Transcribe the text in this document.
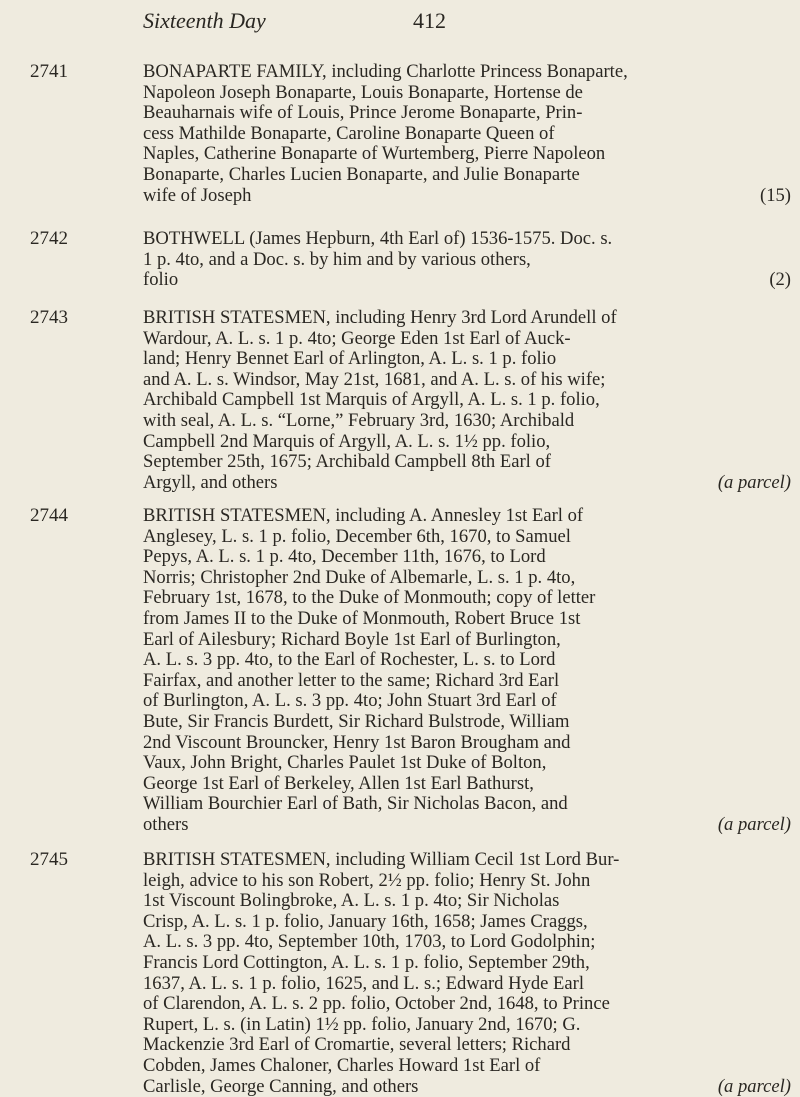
Sixteenth Day	412
2741	BONAPARTE FAMILY, including Charlotte Princess Bonaparte,
Napoleon Joseph Bonaparte, Louis Bonaparte, Hortense de
Beauharnais wife of Louis, Prince Jerome Bonaparte, Prin-
cess Mathilde Bonaparte, Caroline Bonaparte Queen of
Naples, Catherine Bonaparte of Wurtemberg, Pierre Napoleon
Bonaparte, Charles Lucien Bonaparte, and Julie Bonaparte
wife of Joseph	(15)
2742	BOTHWELL (James Hepburn, 4th Earl of) 1536-1575. Doc. s.
1 p. 4to, and a Doc. s. by him and by various others,
folio	(2)
2743	BRITISH STATESMEN, including Henry 3rd Lord Arundell of
Wardour, A. L. s. 1 p. 4to; George Eden 1st Earl of Auck-
land; Henry Bennet Earl of Arlington, A. L. s. 1 p. folio
and A. L. s. Windsor, May 21st, 1681, and A. L. s. of his wife;
Archibald Campbell 1st Marquis of Argyll, A. L. s. 1 p. folio,
with seal, A. L. s. “Lorne,” February 3rd, 1630; Archibald
Campbell 2nd Marquis of Argyll, A. L. s. 1½ pp. folio,
September 25th, 1675; Archibald Campbell 8th Earl of
Argyll, and others	(a parcel)
2744	BRITISH STATESMEN, including A. Annesley 1st Earl of
Anglesey, L. s. 1 p. folio, December 6th, 1670, to Samuel
Pepys, A. L. s. 1 p. 4to, December 11th, 1676, to Lord
Norris; Christopher 2nd Duke of Albemarle, L. s. 1 p. 4to,
February 1st, 1678, to the Duke of Monmouth; copy of letter
from James II to the Duke of Monmouth, Robert Bruce 1st
Earl of Ailesbury; Richard Boyle 1st Earl of Burlington,
A. L. s. 3 pp. 4to, to the Earl of Rochester, L. s. to Lord
Fairfax, and another letter to the same; Richard 3rd Earl
of Burlington, A. L. s. 3 pp. 4to; John Stuart 3rd Earl of
Bute, Sir Francis Burdett, Sir Richard Bulstrode, William
2nd Viscount Brouncker, Henry 1st Baron Brougham and
Vaux, John Bright, Charles Paulet 1st Duke of Bolton,
George 1st Earl of Berkeley, Allen 1st Earl Bathurst,
William Bourchier Earl of Bath, Sir Nicholas Bacon, and
others	(a parcel)
2745	BRITISH STATESMEN, including William Cecil 1st Lord Bur-
leigh, advice to his son Robert, 2½ pp. folio; Henry St. John
1st Viscount Bolingbroke, A. L. s. 1 p. 4to; Sir Nicholas
Crisp, A. L. s. 1 p. folio, January 16th, 1658; James Craggs,
A. L. s. 3 pp. 4to, September 10th, 1703, to Lord Godolphin;
Francis Lord Cottington, A. L. s. 1 p. folio, September 29th,
1637, A. L. s. 1 p. folio, 1625, and L. s.; Edward Hyde Earl
of Clarendon, A. L. s. 2 pp. folio, October 2nd, 1648, to Prince
Rupert, L. s. (in Latin) 1½ pp. folio, January 2nd, 1670; G.
Mackenzie 3rd Earl of Cromartie, several letters; Richard
Cobden, James Chaloner, Charles Howard 1st Earl of
Carlisle, George Canning, and others	(a parcel)
